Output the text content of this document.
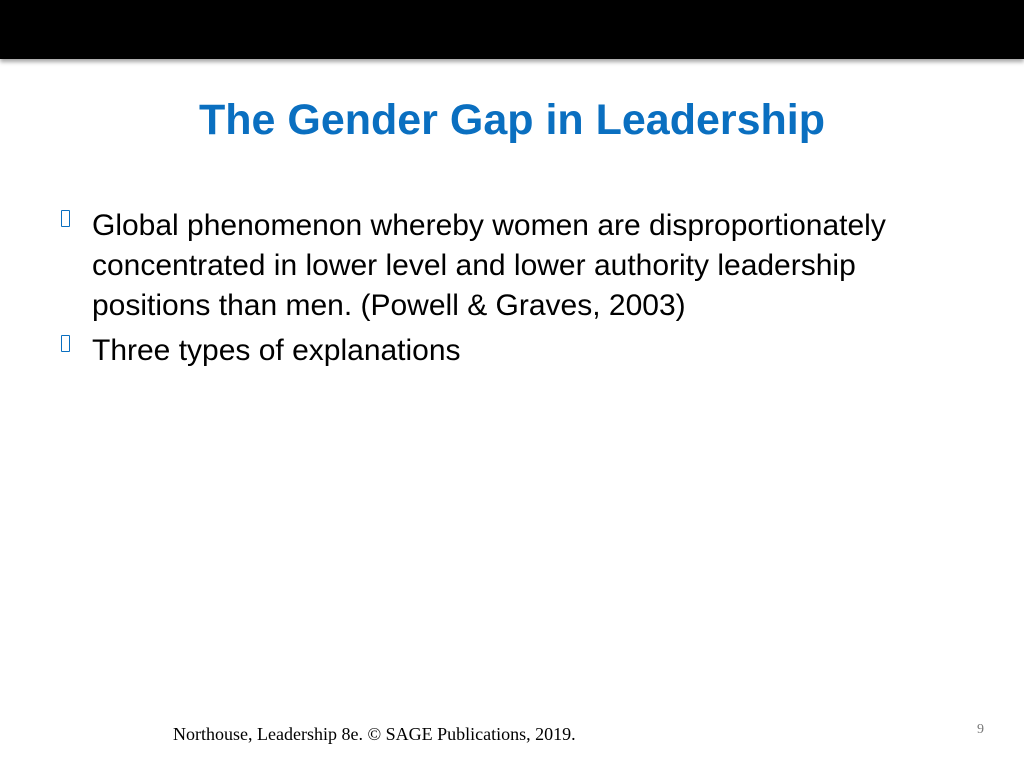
The Gender Gap in Leadership
Global phenomenon whereby women are disproportionately concentrated in lower level and lower authority leadership positions than men. (Powell & Graves, 2003)
Three types of explanations
Northouse, Leadership 8e. © SAGE Publications, 2019.	9
